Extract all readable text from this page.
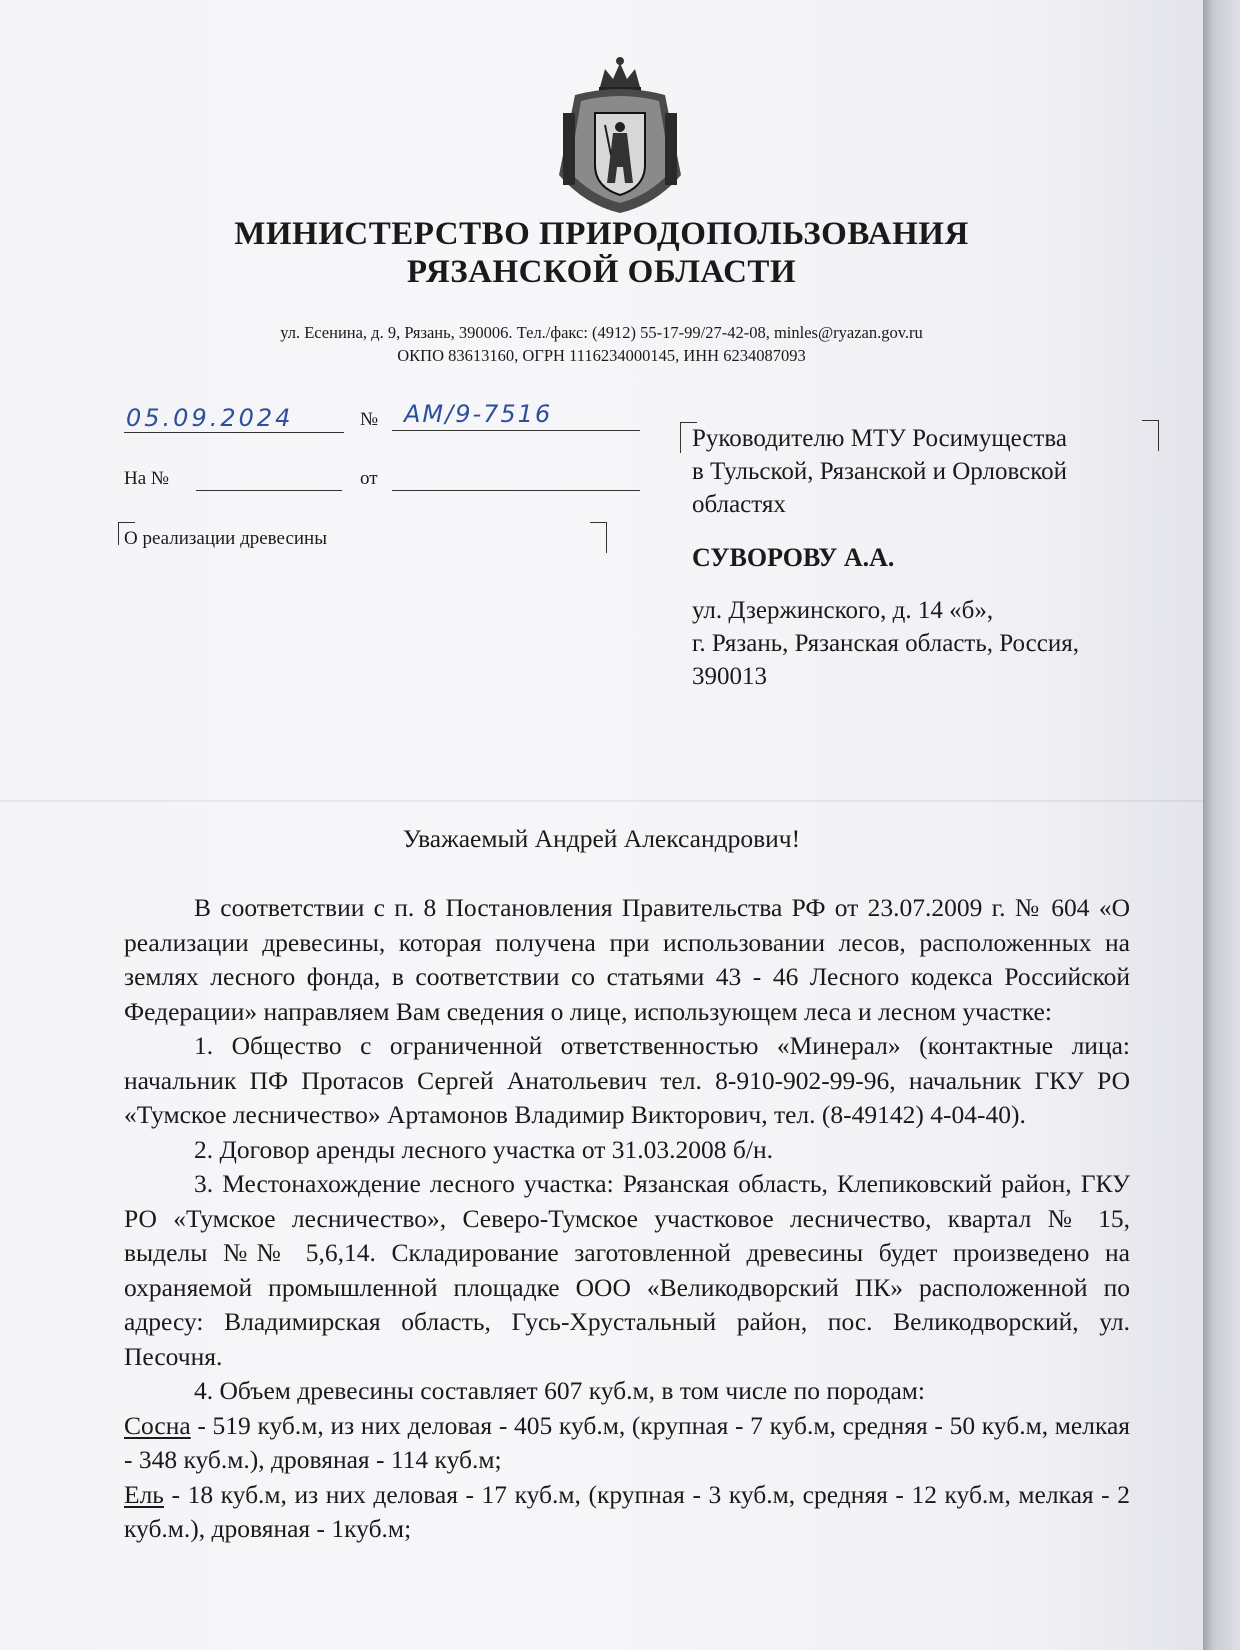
МИНИСТЕРСТВО ПРИРОДОПОЛЬЗОВАНИЯ
РЯЗАНСКОЙ ОБЛАСТИ
ул. Есенина, д. 9, Рязань, 390006. Тел./факс: (4912) 55-17-99/27-42-08, minles@ryazan.gov.ru
ОКПО 83613160, ОГРН 1116234000145, ИНН 6234087093
05.09.2024	№ АМ/9-7516
На №	от
О реализации древесины
Руководителю МТУ Росимущества
в Тульской, Рязанской и Орловской
областях
СУВОРОВУ А.А.
ул. Дзержинского, д. 14 «б»,
г. Рязань, Рязанская область, Россия,
390013
Уважаемый Андрей Александрович!

В соответствии с п. 8 Постановления Правительства РФ от 23.07.2009 г. № 604 «О реализации древесины, которая получена при использовании лесов, расположенных на землях лесного фонда, в соответствии со статьями 43 - 46 Лесного кодекса Российской Федерации» направляем Вам сведения о лице, использующем леса и лесном участке:

1. Общество с ограниченной ответственностью «Минерал» (контактные лица: начальник ПФ Протасов Сергей Анатольевич тел. 8-910-902-99-96, начальник ГКУ РО «Тумское лесничество» Артамонов Владимир Викторович, тел. (8-49142) 4-04-40).

2. Договор аренды лесного участка от 31.03.2008 б/н.

3. Местонахождение лесного участка: Рязанская область, Клепиковский район, ГКУ РО «Тумское лесничество», Северо-Тумское участковое лесничество, квартал № 15, выделы №№ 5,6,14. Складирование заготовленной древесины будет произведено на охраняемой промышленной площадке ООО «Великодворский ПК» расположенной по адресу: Владимирская область, Гусь-Хрустальный район, пос. Великодворский, ул. Песочня.

4. Объем древесины составляет 607 куб.м, в том числе по породам:

Сосна - 519 куб.м, из них деловая - 405 куб.м, (крупная - 7 куб.м, средняя - 50 куб.м, мелкая - 348 куб.м.), дровяная - 114 куб.м;

Ель - 18 куб.м, из них деловая - 17 куб.м, (крупная - 3 куб.м, средняя - 12 куб.м, мелкая - 2 куб.м.), дровяная - 1куб.м;
